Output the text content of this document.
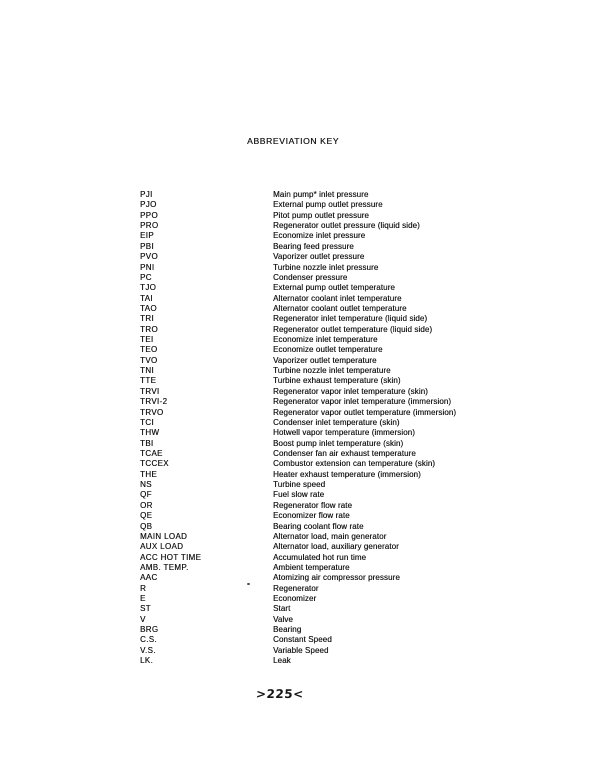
ABBREVIATION KEY
PJI	Main pump* inlet pressure
PJO	External pump outlet pressure
PPO	Pitot pump outlet pressure
PRO	Regenerator outlet pressure (liquid side)
EIP	Economize inlet pressure
PBI	Bearing feed pressure
PVO	Vaporizer outlet pressure
PNI	Turbine nozzle inlet pressure
PC	Condenser pressure
TJO	External pump outlet temperature
TAI	Alternator coolant inlet temperature
TAO	Alternator coolant outlet temperature
TRI	Regenerator inlet temperature (liquid side)
TRO	Regenerator outlet temperature (liquid side)
TEI	Economize inlet temperature
TEO	Economize outlet temperature
TVO	Vaporizer outlet temperature
TNI	Turbine nozzle inlet temperature
TTE	Turbine exhaust temperature (skin)
TRVI	Regenerator vapor inlet temperature (skin)
TRVI-2	Regenerator vapor inlet temperature (immersion)
TRVO	Regenerator vapor outlet temperature (immersion)
TCI	Condenser inlet temperature (skin)
THW	Hotwell vapor temperature (immersion)
TBI	Boost pump inlet temperature (skin)
TCAE	Condenser fan air exhaust temperature
TCCEX	Combustor extension can temperature (skin)
THE	Heater exhaust temperature (immersion)
NS	Turbine speed
QF	Fuel slow rate
OR	Regenerator flow rate
QE	Economizer flow rate
QB	Bearing coolant flow rate
MAIN LOAD	Alternator load, main generator
AUX LOAD	Alternator load, auxiliary generator
ACC HOT TIME	Accumulated hot run time
AMB. TEMP.	Ambient temperature
AAC	Atomizing air compressor pressure
R	Regenerator
E	Economizer
ST	Start
V	Valve
BRG	Bearing
C.S.	Constant Speed
V.S.	Variable Speed
LK.	Leak
>225<
